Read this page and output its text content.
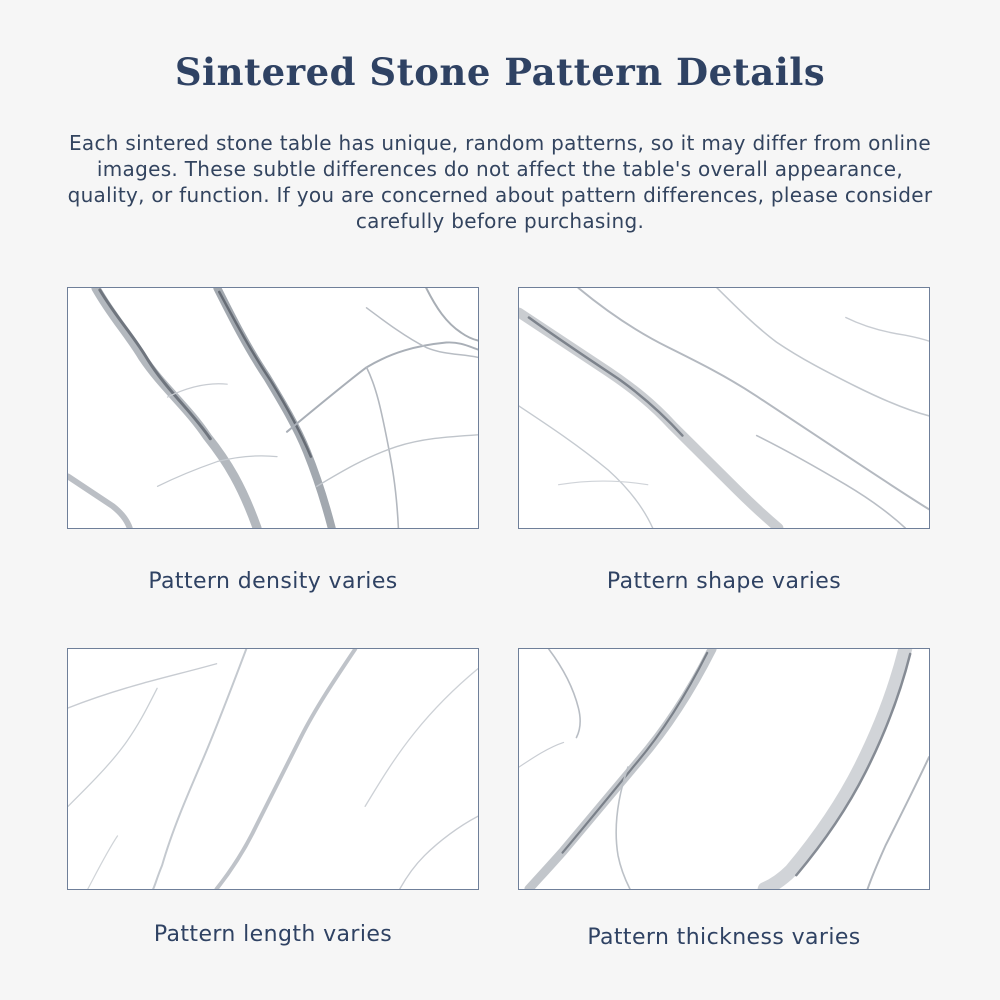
Sintered Stone Pattern Details

Each sintered stone table has unique, random patterns, so it may differ from online images. These subtle differences do not affect the table's overall appearance, quality, or function. If you are concerned about pattern differences, please consider carefully before purchasing.

Pattern density varies	Pattern shape varies
Pattern length varies	Pattern thickness varies
